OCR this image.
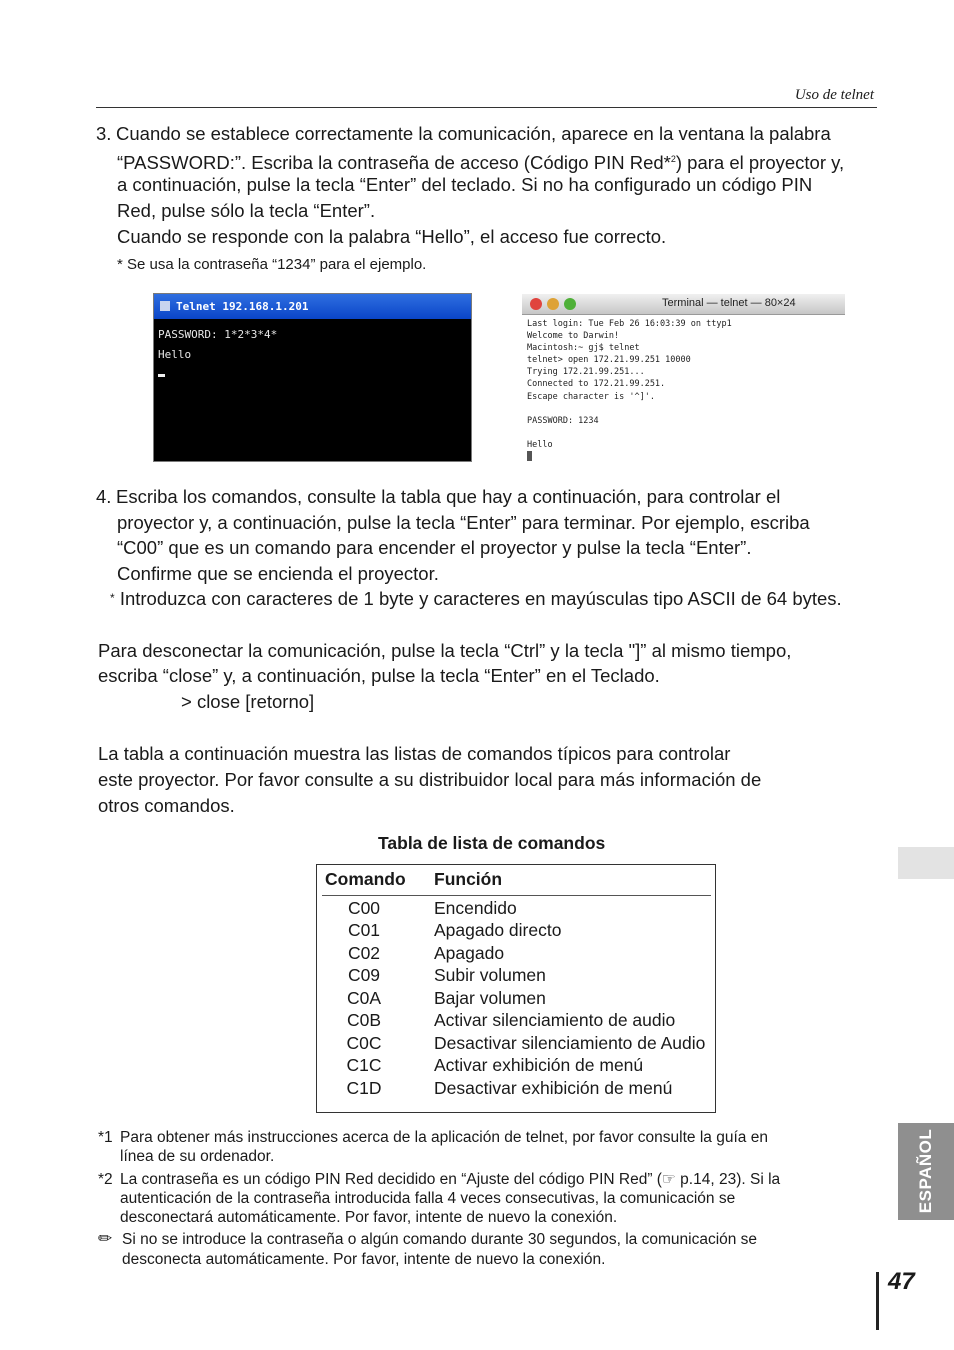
Uso de telnet
3. Cuando se establece correctamente la comunicación, aparece en la ventana la palabra
“PASSWORD:”. Escriba la contraseña de acceso (Código PIN Red*$^2$) para el proyector y,
a continuación, pulse la tecla “Enter” del teclado. Si no ha configurado un código PIN
Red, pulse sólo la tecla “Enter”.
Cuando se responde con la palabra “Hello”, el acceso fue correcto.
* Se usa la contraseña “1234” para el ejemplo.
Telnet 192.168.1.201
PASSWORD: 1*2*3*4*
Hello
Terminal — telnet — 80×24
Last login: Tue Feb 26 16:03:39 on ttyp1
Welcome to Darwin!
Macintosh:~ gj$ telnet
telnet> open 172.21.99.251 10000
Trying 172.21.99.251...
Connected to 172.21.99.251.
Escape character is '^]'.

PASSWORD: 1234

Hello
4. Escriba los comandos, consulte la tabla que hay a continuación, para controlar el
proyector y, a continuación, pulse la tecla “Enter” para terminar. Por ejemplo, escriba
“C00” que es un comando para encender el proyector y pulse la tecla “Enter”.
Confirme que se encienda el proyector.
* Introduzca con caracteres de 1 byte y caracteres en mayúsculas tipo ASCII de 64 bytes.
Para desconectar la comunicación, pulse la tecla “Ctrl” y la tecla "]” al mismo tiempo,
escriba “close” y, a continuación, pulse la tecla “Enter” en el Teclado.
> close [retorno]
La tabla a continuación muestra las listas de comandos típicos para controlar
este proyector. Por favor consulte a su distribuidor local para más información de
otros comandos.
Tabla de lista de comandos
Comando Función
C00	Encendido
C01	Apagado directo
C02	Apagado
C09	Subir volumen
C0A	Bajar volumen
C0B	Activar silenciamiento de audio
C0C	Desactivar silenciamiento de Audio
C1C	Activar exhibición de menú
C1D	Desactivar exhibición de menú
*1 Para obtener más instrucciones acerca de la aplicación de telnet, por favor consulte la guía en
línea de su ordenador.
*2 La contraseña es un código PIN Red decidido en “Ajuste del código PIN Red” (☞ p.14, 23). Si la
autenticación de la contraseña introducida falla 4 veces consecutivas, la comunicación se
desconectará automáticamente. Por favor, intente de nuevo la conexión.
✏ Si no se introduce la contraseña o algún comando durante 30 segundos, la comunicación se
desconecta automáticamente. Por favor, intente de nuevo la conexión.
ESPAÑOL
47
